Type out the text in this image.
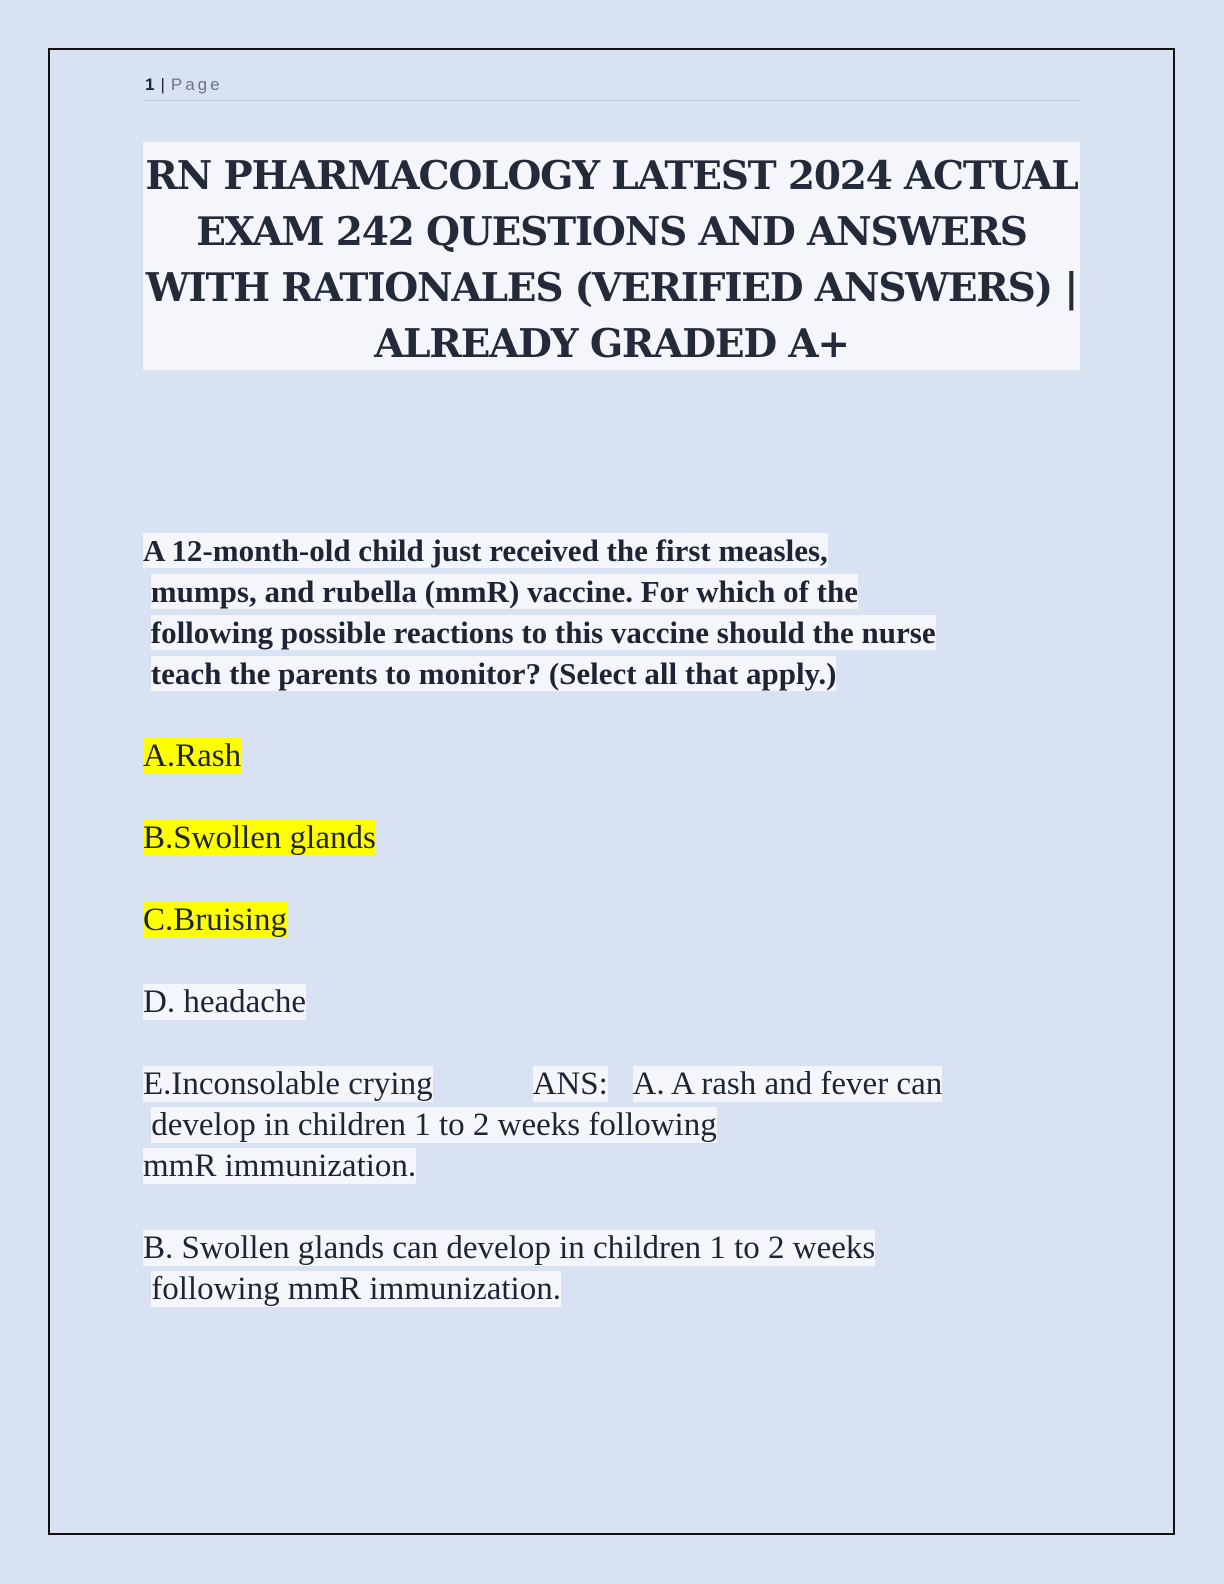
1 | Page
RN PHARMACOLOGY LATEST 2024 ACTUAL
EXAM 242 QUESTIONS AND ANSWERS
WITH RATIONALES (VERIFIED ANSWERS) |
ALREADY GRADED A+
A 12-month-old child just received the first measles,
mumps, and rubella (mmR) vaccine. For which of the
following possible reactions to this vaccine should the nurse
teach the parents to monitor? (Select all that apply.)

A.Rash

B.Swollen glands

C.Bruising

D. headache

E.Inconsolable crying	ANS: A. A rash and fever can
develop in children 1 to 2 weeks following
mmR immunization.
B. Swollen glands can develop in children 1 to 2 weeks
following mmR immunization.
